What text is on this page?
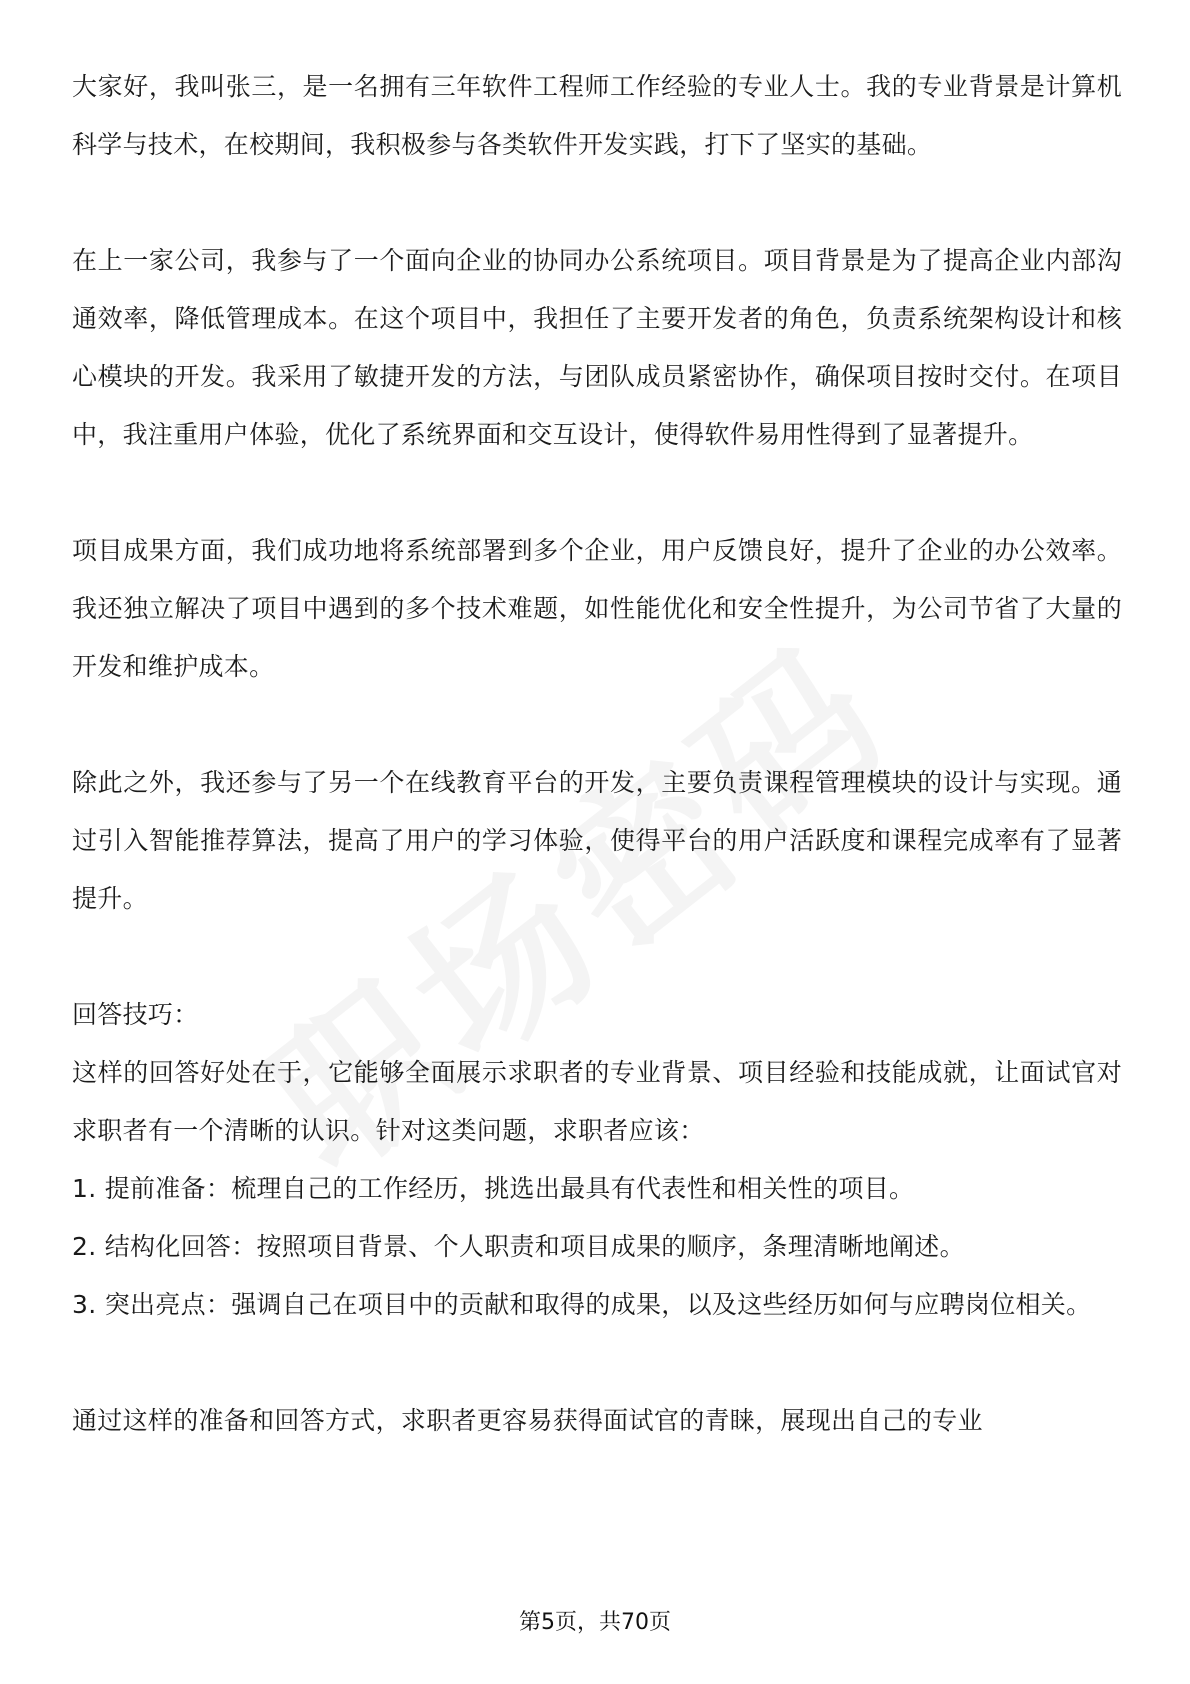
大家好，我叫张三，是一名拥有三年软件工程师工作经验的专业人士。我的专业背景是计算机科学与技术，在校期间，我积极参与各类软件开发实践，打下了坚实的基础。

在上一家公司，我参与了一个面向企业的协同办公系统项目。项目背景是为了提高企业内部沟通效率，降低管理成本。在这个项目中，我担任了主要开发者的角色，负责系统架构设计和核心模块的开发。我采用了敏捷开发的方法，与团队成员紧密协作，确保项目按时交付。在项目中，我注重用户体验，优化了系统界面和交互设计，使得软件易用性得到了显著提升。

项目成果方面，我们成功地将系统部署到多个企业，用户反馈良好，提升了企业的办公效率。我还独立解决了项目中遇到的多个技术难题，如性能优化和安全性提升，为公司节省了大量的开发和维护成本。

除此之外，我还参与了另一个在线教育平台的开发，主要负责课程管理模块的设计与实现。通过引入智能推荐算法，提高了用户的学习体验，使得平台的用户活跃度和课程完成率有了显著提升。

回答技巧：

这样的回答好处在于，它能够全面展示求职者的专业背景、项目经验和技能成就，让面试官对求职者有一个清晰的认识。针对这类问题，求职者应该：

1. 提前准备：梳理自己的工作经历，挑选出最具有代表性和相关性的项目。

2. 结构化回答：按照项目背景、个人职责和项目成果的顺序，条理清晰地阐述。

3. 突出亮点：强调自己在项目中的贡献和取得的成果，以及这些经历如何与应聘岗位相关。

通过这样的准备和回答方式，求职者更容易获得面试官的青睐，展现出自己的专业

第5页，共70页
